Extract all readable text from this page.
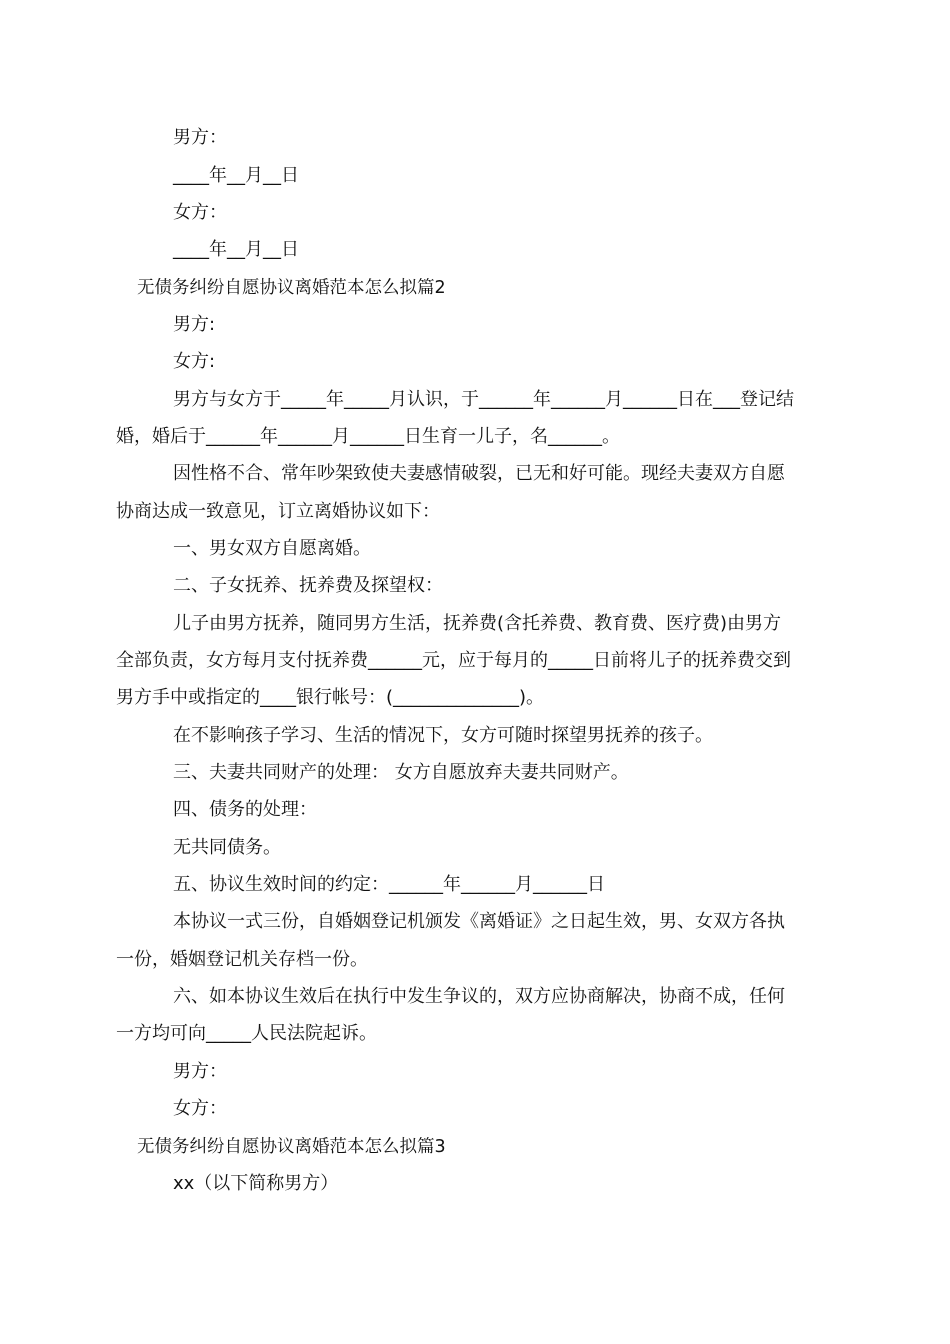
男方：
____年__月__日
女方：
____年__月__日
无债务纠纷自愿协议离婚范本怎么拟篇2
男方:
女方:
男方与女方于_____年_____月认识，于______年______月______日在___登记结
婚，婚后于______年______月______日生育一儿子，名______。
因性格不合、常年吵架致使夫妻感情破裂，已无和好可能。现经夫妻双方自愿
协商达成一致意见，订立离婚协议如下：
一、男女双方自愿离婚。
二、子女抚养、抚养费及探望权：
儿子由男方抚养，随同男方生活，抚养费(含托养费、教育费、医疗费)由男方
全部负责，女方每月支付抚养费______元，应于每月的_____日前将儿子的抚养费交到
男方手中或指定的____银行帐号：(______________)。
在不影响孩子学习、生活的情况下，女方可随时探望男抚养的孩子。
三、夫妻共同财产的处理： 女方自愿放弃夫妻共同财产。
四、债务的处理：
无共同债务。
五、协议生效时间的约定：______年______月______日
本协议一式三份，自婚姻登记机颁发《离婚证》之日起生效，男、女双方各执
一份，婚姻登记机关存档一份。
六、如本协议生效后在执行中发生争议的，双方应协商解决，协商不成，任何
一方均可向_____人民法院起诉。
男方：
女方：
无债务纠纷自愿协议离婚范本怎么拟篇3
xx（以下简称男方）
